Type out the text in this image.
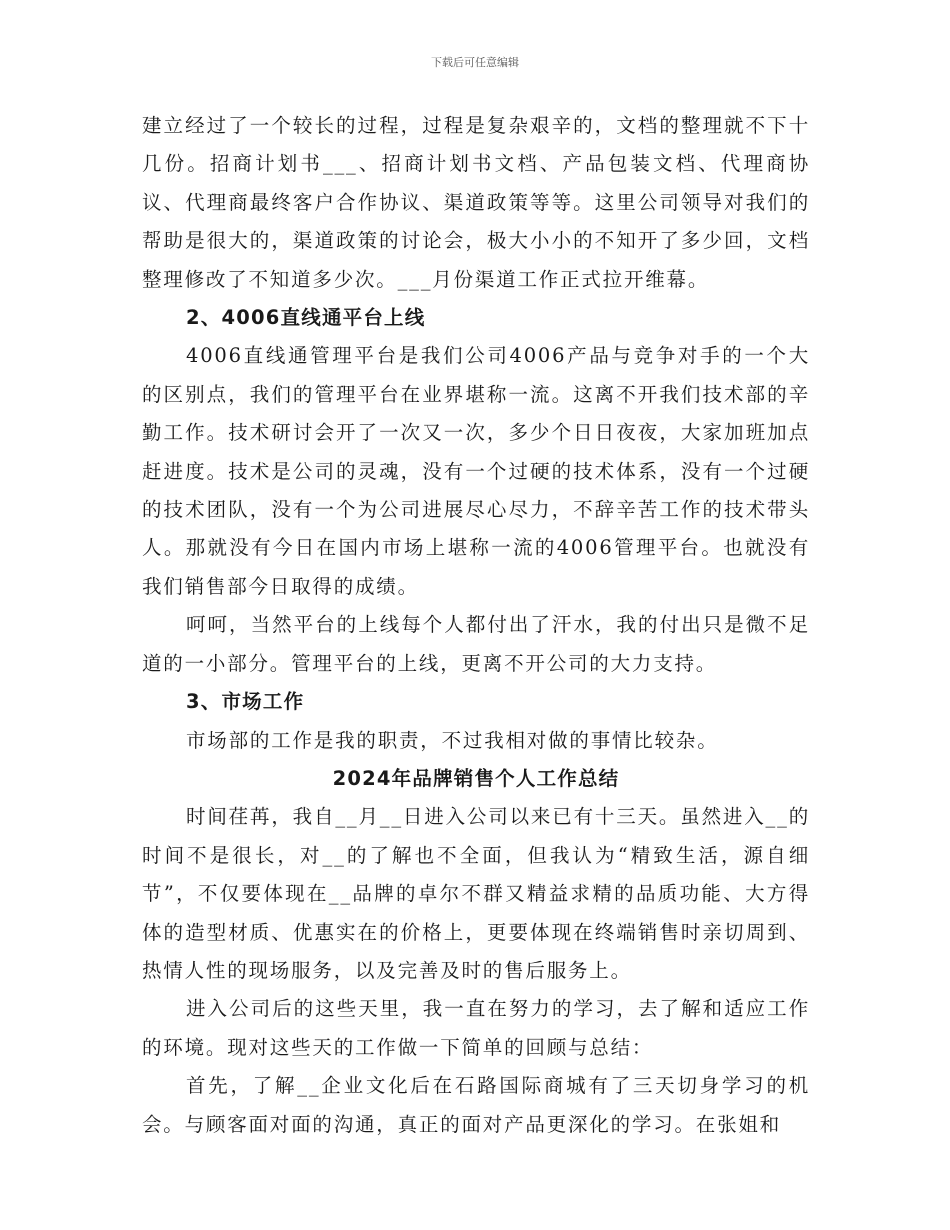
下载后可任意编辑

建立经过了一个较长的过程，过程是复杂艰辛的，文档的整理就不下十几份。招商计划书___、招商计划书文档、产品包装文档、代理商协议、代理商最终客户合作协议、渠道政策等等。这里公司领导对我们的帮助是很大的，渠道政策的讨论会，极大小小的不知开了多少回，文档整理修改了不知道多少次。___月份渠道工作正式拉开维幕。

2、4006直线通平台上线

4006直线通管理平台是我们公司4006产品与竞争对手的一个大的区别点，我们的管理平台在业界堪称一流。这离不开我们技术部的辛勤工作。技术研讨会开了一次又一次，多少个日日夜夜，大家加班加点赶进度。技术是公司的灵魂，没有一个过硬的技术体系，没有一个过硬的技术团队，没有一个为公司进展尽心尽力，不辞辛苦工作的技术带头人。那就没有今日在国内市场上堪称一流的4006管理平台。也就没有我们销售部今日取得的成绩。

呵呵，当然平台的上线每个人都付出了汗水，我的付出只是微不足道的一小部分。管理平台的上线，更离不开公司的大力支持。

3、市场工作

市场部的工作是我的职责，不过我相对做的事情比较杂。

2024年品牌销售个人工作总结

时间荏苒，我自__月__日进入公司以来已有十三天。虽然进入__的时间不是很长，对__的了解也不全面，但我认为“精致生活，源自细节”，不仅要体现在__品牌的卓尔不群又精益求精的品质功能、大方得体的造型材质、优惠实在的价格上，更要体现在终端销售时亲切周到、热情人性的现场服务，以及完善及时的售后服务上。

进入公司后的这些天里，我一直在努力的学习，去了解和适应工作的环境。现对这些天的工作做一下简单的回顾与总结：

首先，了解__企业文化后在石路国际商城有了三天切身学习的机会。与顾客面对面的沟通，真正的面对产品更深化的学习。在张姐和
